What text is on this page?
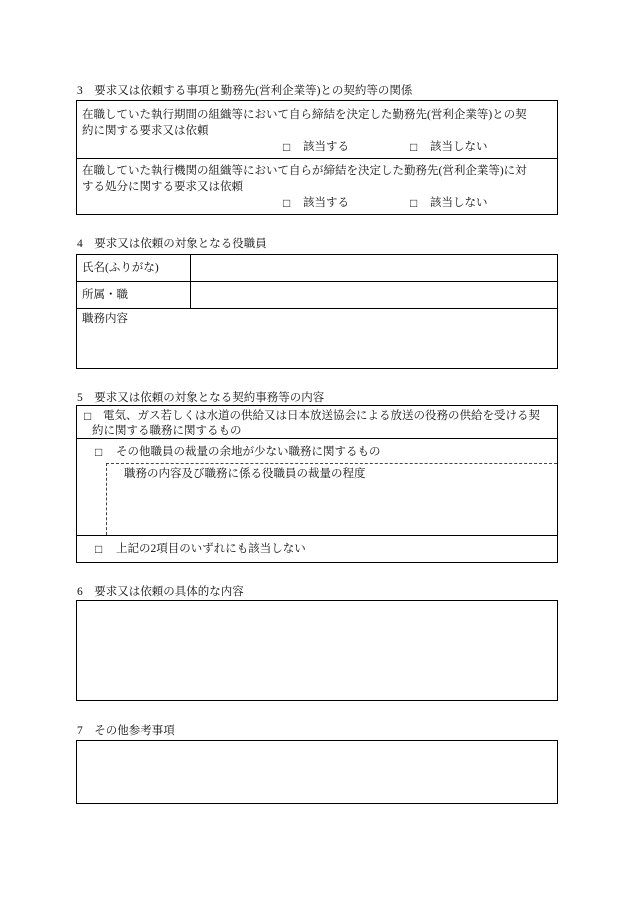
3　要求又は依頼する事項と勤務先(営利企業等)との契約等の関係
在職していた執行期間の組織等において自ら締結を決定した勤務先(営利企業等)との契
約に関する要求又は依頼
□ 該当する	□ 該当しない
在職していた執行機関の組織等において自らが締結を決定した勤務先(営利企業等)に対
する処分に関する要求又は依頼
□ 該当する	□ 該当しない
4　要求又は依頼の対象となる役職員
氏名(ふりがな)
所属・職
職務内容
5　要求又は依頼の対象となる契約事務等の内容
□ 電気、ガス若しくは水道の供給又は日本放送協会による放送の役務の供給を受ける契
約に関する職務に関するもの
□ その他職員の裁量の余地が少ない職務に関するもの
職務の内容及び職務に係る役職員の裁量の程度
□ 上記の2項目のいずれにも該当しない
6　要求又は依頼の具体的な内容
7　その他参考事項
